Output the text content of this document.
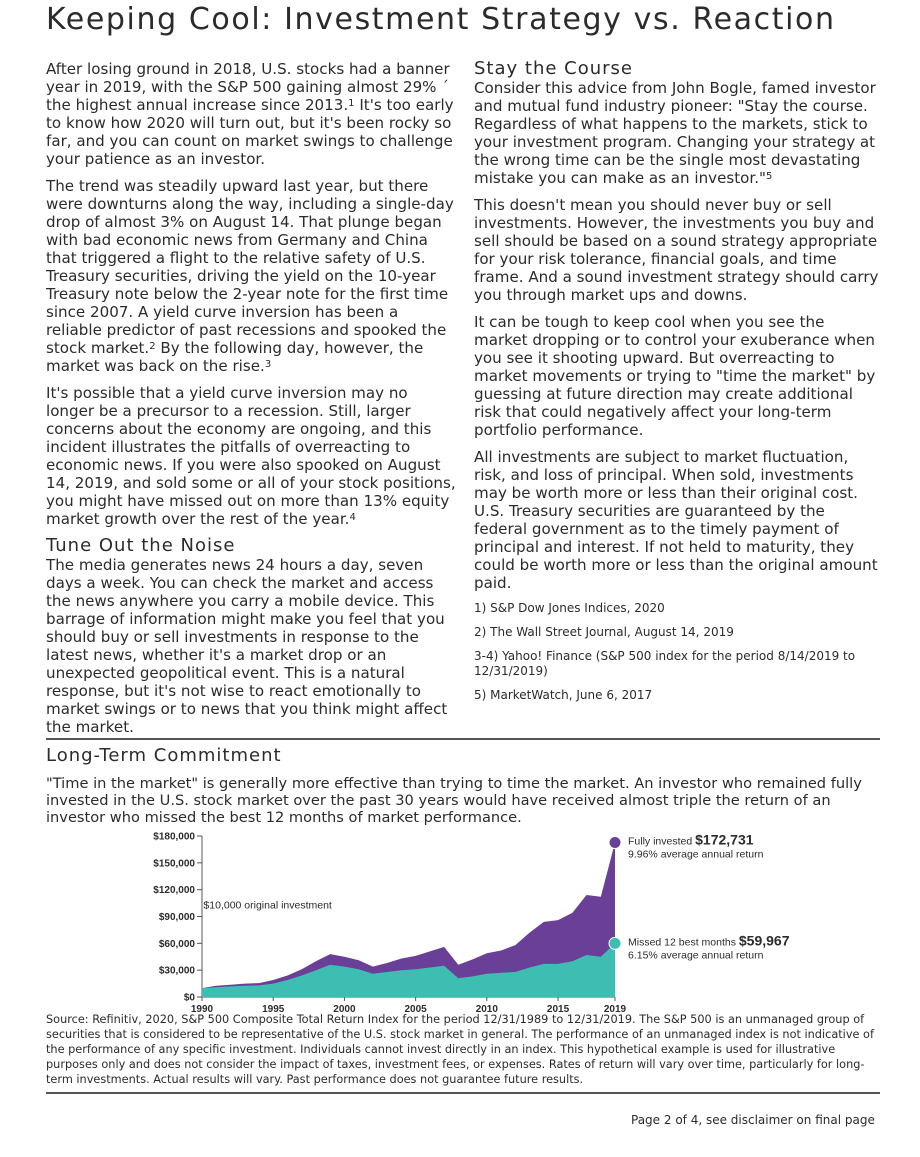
Keeping Cool: Investment Strategy vs. Reaction

After losing ground in 2018, U.S. stocks had a banner year in 2019, with the S&P 500 gaining almost 29% ´ the highest annual increase since 2013.$^1$ It's too early to know how 2020 will turn out, but it's been rocky so far, and you can count on market swings to challenge your patience as an investor.

The trend was steadily upward last year, but there were downturns along the way, including a single-day drop of almost 3% on August 14. That plunge began with bad economic news from Germany and China that triggered a flight to the relative safety of U.S. Treasury securities, driving the yield on the 10-year Treasury note below the 2-year note for the first time since 2007. A yield curve inversion has been a reliable predictor of past recessions and spooked the stock market.$^2$ By the following day, however, the market was back on the rise.$^3$

It's possible that a yield curve inversion may no longer be a precursor to a recession. Still, larger concerns about the economy are ongoing, and this incident illustrates the pitfalls of overreacting to economic news. If you were also spooked on August 14, 2019, and sold some or all of your stock positions, you might have missed out on more than 13% equity market growth over the rest of the year.$^4$

Tune Out the Noise

The media generates news 24 hours a day, seven days a week. You can check the market and access the news anywhere you carry a mobile device. This barrage of information might make you feel that you should buy or sell investments in response to the latest news, whether it's a market drop or an unexpected geopolitical event. This is a natural response, but it's not wise to react emotionally to market swings or to news that you think might affect the market.

Stay the Course

Consider this advice from John Bogle, famed investor and mutual fund industry pioneer: "Stay the course. Regardless of what happens to the markets, stick to your investment program. Changing your strategy at the wrong time can be the single most devastating mistake you can make as an investor."$^5$

This doesn't mean you should never buy or sell investments. However, the investments you buy and sell should be based on a sound strategy appropriate for your risk tolerance, financial goals, and time frame. And a sound investment strategy should carry you through market ups and downs.

It can be tough to keep cool when you see the market dropping or to control your exuberance when you see it shooting upward. But overreacting to market movements or trying to "time the market" by guessing at future direction may create additional risk that could negatively affect your long-term portfolio performance.

All investments are subject to market fluctuation, risk, and loss of principal. When sold, investments may be worth more or less than their original cost. U.S. Treasury securities are guaranteed by the federal government as to the timely payment of principal and interest. If not held to maturity, they could be worth more or less than the original amount paid.

1) S&P Dow Jones Indices, 2020

2) The Wall Street Journal, August 14, 2019

3-4) Yahoo! Finance (S&P 500 index for the period 8/14/2019 to 12/31/2019)

5) MarketWatch, June 6, 2017

Long-Term Commitment
"Time in the market" is generally more effective than trying to time the market. An investor who remained fully invested in the U.S. stock market over the past 30 years would have received almost triple the return of an investor who missed the best 12 months of market performance.
$0
$30,000
$60,000
$90,000
$120,000
$150,000
$180,000
1990	1995	2000	2005	2010	2015	2019
$10,000 original investment
Fully invested $172,731
9.96% average annual return
Missed 12 best months $59,967
6.15% average annual return
Source: Refinitiv, 2020, S&P 500 Composite Total Return Index for the period 12/31/1989 to 12/31/2019. The S&P 500 is an unmanaged group of securities that is considered to be representative of the U.S. stock market in general. The performance of an unmanaged index is not indicative of the performance of any specific investment. Individuals cannot invest directly in an index. This hypothetical example is used for illustrative purposes only and does not consider the impact of taxes, investment fees, or expenses. Rates of return will vary over time, particularly for long-term investments. Actual results will vary. Past performance does not guarantee future results.
Page 2 of 4, see disclaimer on final page
